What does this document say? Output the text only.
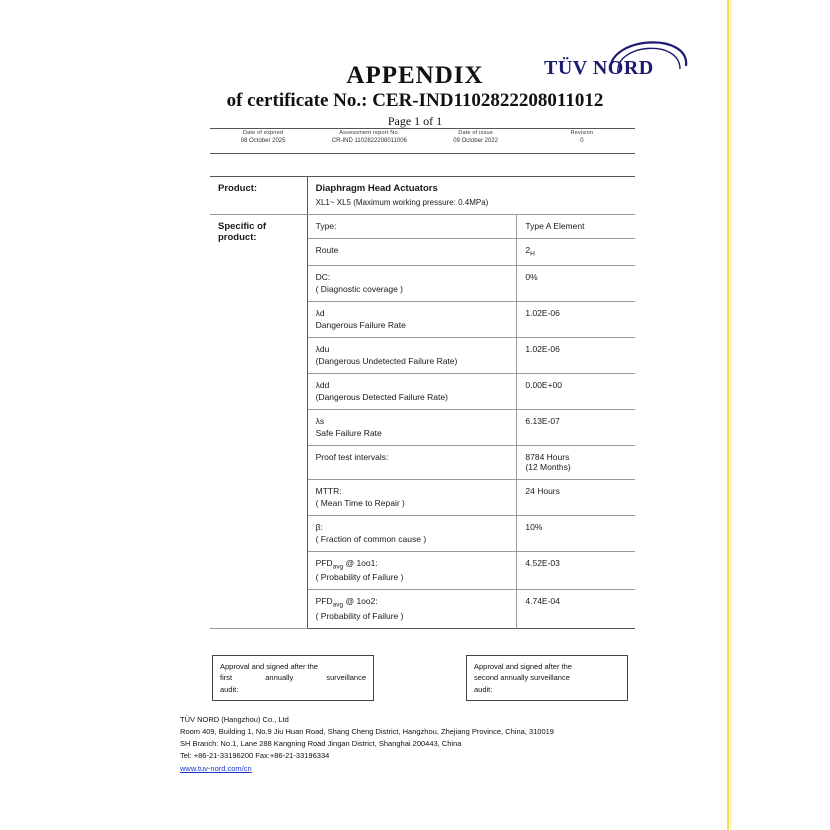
TÜV NORD
APPENDIX
of certificate No.: CER-IND1102822208011012
Page 1 of 1
Date of expired
08 October 2025
Assessment report No.
CR-IND 1102822208011006
Date of issue
09 October 2022
Revision
0
Product:	Diaphragm Head Actuators
XL1~ XL5 (Maximum working pressure: 0.4MPa)	

Specific of
product:	Type:	Type A Element

	Route	$2_H$

	DC:
( Diagnostic coverage )	0%

	λd
Dangerous Failure Rate	1.02E-06

	λdu
(Dangerous Undetected Failure Rate)	1.02E-06

	λdd
(Dangerous Detected Failure Rate)	0.00E+00

	λs
Safe Failure Rate	6.13E-07

	Proof test intervals:	8784 Hours
(12 Months)

	MTTR:
( Mean Time to Repair )	24 Hours

	β:
( Fraction of common cause )	10%

	$PFD_{avg}$ @ 1oo1:
( Probability of Failure )	4.52E-03

	$PFD_{avg}$ @ 1oo2:
( Probability of Failure )	4.74E-04
Approval and signed after the
first	annually	surveillance
audit:
Approval and signed after the
second annually surveillance
audit:
TÜV NORD (Hangzhou) Co., Ltd
Room 409, Building 1, No.9 Jiu Huan Road, Shang Cheng District, Hangzhou, Zhejiang Province, China, 310019
SH Branch: No.1, Lane 288 Kangning Road Jingan District, Shanghai 200443, China
Tel: +86-21-33196200 Fax:+86-21-33196334
www.tuv-nord.com/cn
